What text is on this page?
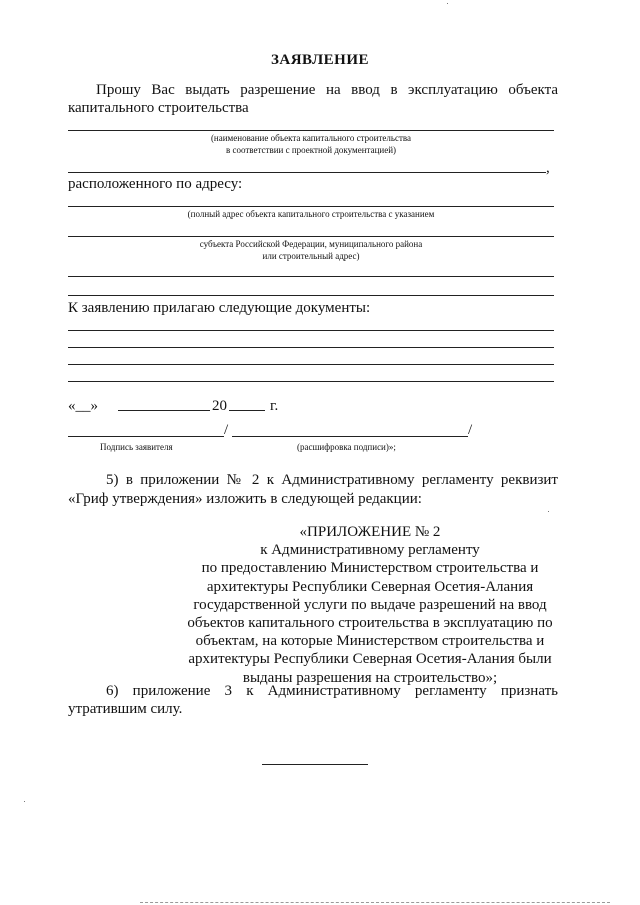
ЗАЯВЛЕНИЕ
Прошу Вас выдать разрешение на ввод в эксплуатацию объекта
капитального строительства
(наименование объекта капитального строительства
в соответствии с проектной документацией)
,
расположенного по адресу:
(полный адрес объекта капитального строительства с указанием
субъекта Российской Федерации, муниципального района
или строительный адрес)
К заявлению прилагаю следующие документы:
«__»	20	г.
/	/
Подпись заявителя	(расшифровка подписи)»;
5) в приложении № 2 к Административному регламенту реквизит
«Гриф утверждения» изложить в следующей редакции:
«ПРИЛОЖЕНИЕ № 2
к Административному регламенту
по предоставлению Министерством строительства и
архитектуры Республики Северная Осетия-Алания
государственной услуги по выдаче разрешений на ввод
объектов капитального строительства в эксплуатацию по
объектам, на которые Министерством строительства и
архитектуры Республики Северная Осетия-Алания были
выданы разрешения на строительство»;
6) приложение 3 к Административному регламенту признать
утратившим силу.
